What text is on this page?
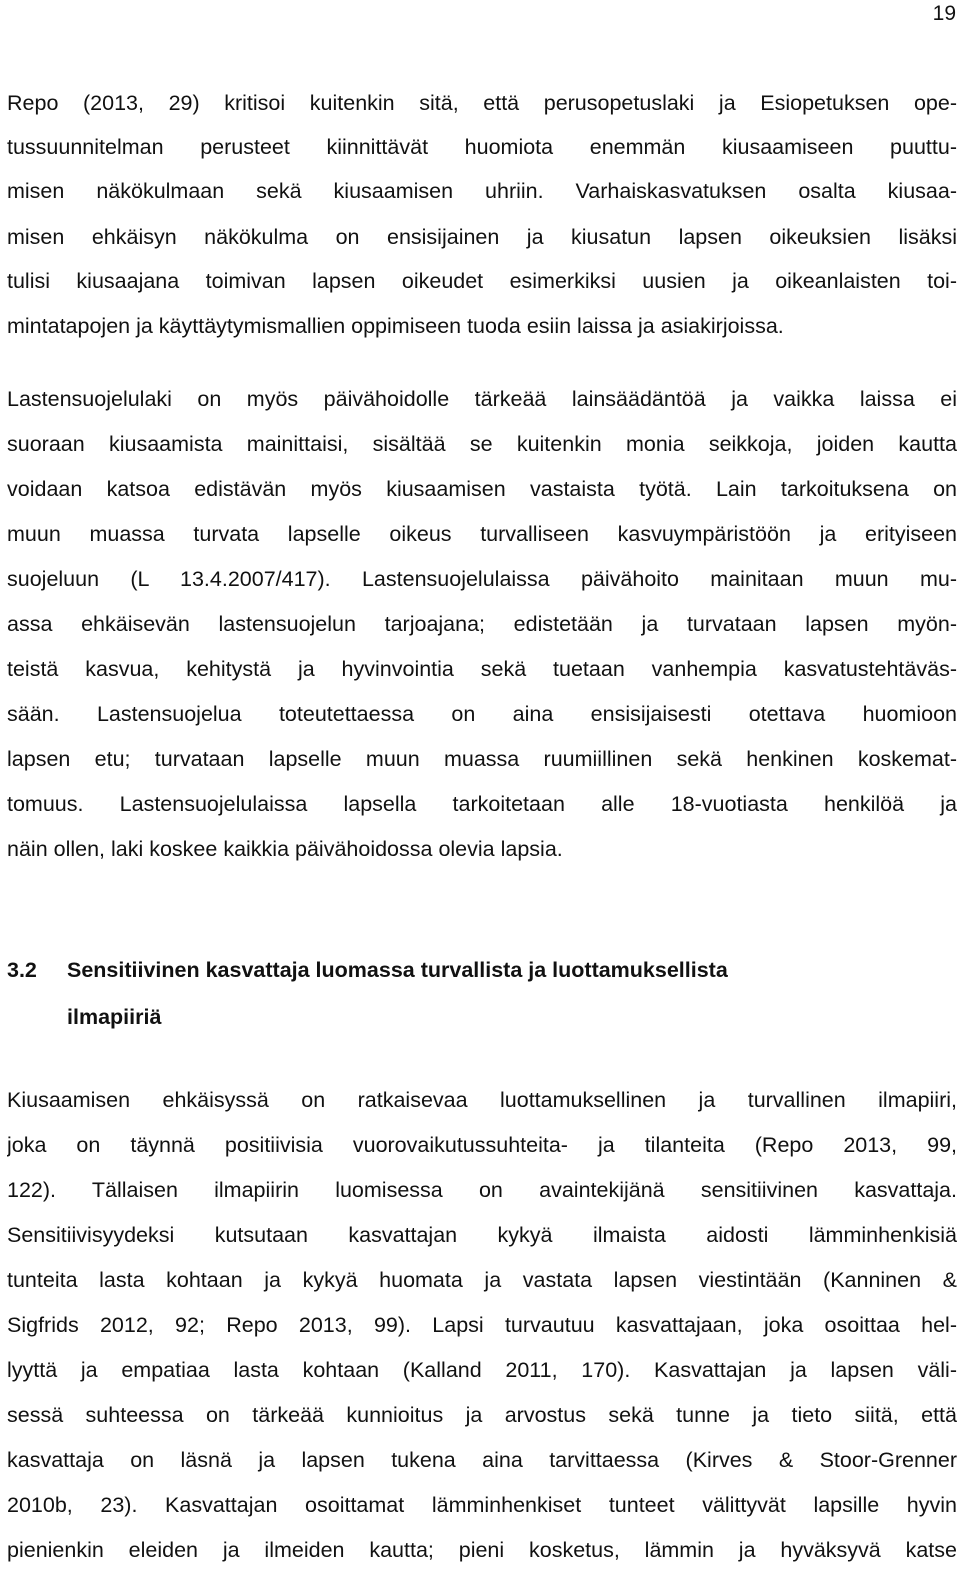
19
Repo (2013, 29) kritisoi kuitenkin sitä, että perusopetuslaki ja Esiopetuksen ope-
tussuunnitelman perusteet kiinnittävät huomiota enemmän kiusaamiseen puuttu-
misen näkökulmaan sekä kiusaamisen uhriin. Varhaiskasvatuksen osalta kiusaa-
misen ehkäisyn näkökulma on ensisijainen ja kiusatun lapsen oikeuksien lisäksi
tulisi kiusaajana toimivan lapsen oikeudet esimerkiksi uusien ja oikeanlaisten toi-
mintatapojen ja käyttäytymismallien oppimiseen tuoda esiin laissa ja asiakirjoissa.
Lastensuojelulaki on myös päivähoidolle tärkeää lainsäädäntöä ja vaikka laissa ei
suoraan kiusaamista mainittaisi, sisältää se kuitenkin monia seikkoja, joiden kautta
voidaan katsoa edistävän myös kiusaamisen vastaista työtä. Lain tarkoituksena on
muun muassa turvata lapselle oikeus turvalliseen kasvuympäristöön ja erityiseen
suojeluun (L 13.4.2007/417). Lastensuojelulaissa päivähoito mainitaan muun mu-
assa ehkäisevän lastensuojelun tarjoajana; edistetään ja turvataan lapsen myön-
teistä kasvua, kehitystä ja hyvinvointia sekä tuetaan vanhempia kasvatustehtäväs-
sään. Lastensuojelua toteutettaessa on aina ensisijaisesti otettava huomioon
lapsen etu; turvataan lapselle muun muassa ruumiillinen sekä henkinen koskemat-
tomuus. Lastensuojelulaissa lapsella tarkoitetaan alle 18-vuotiasta henkilöä ja
näin ollen, laki koskee kaikkia päivähoidossa olevia lapsia.
3.2 Sensitiivinen kasvattaja luomassa turvallista ja luottamuksellista
ilmapiiriä
Kiusaamisen ehkäisyssä on ratkaisevaa luottamuksellinen ja turvallinen ilmapiiri,
joka on täynnä positiivisia vuorovaikutussuhteita- ja tilanteita (Repo 2013, 99,
122). Tällaisen ilmapiirin luomisessa on avaintekijänä sensitiivinen kasvattaja.
Sensitiivisyydeksi kutsutaan kasvattajan kykyä ilmaista aidosti lämminhenkisiä
tunteita lasta kohtaan ja kykyä huomata ja vastata lapsen viestintään (Kanninen &
Sigfrids 2012, 92; Repo 2013, 99). Lapsi turvautuu kasvattajaan, joka osoittaa hel-
lyyttä ja empatiaa lasta kohtaan (Kalland 2011, 170). Kasvattajan ja lapsen väli-
sessä suhteessa on tärkeää kunnioitus ja arvostus sekä tunne ja tieto siitä, että
kasvattaja on läsnä ja lapsen tukena aina tarvittaessa (Kirves & Stoor-Grenner
2010b, 23). Kasvattajan osoittamat lämminhenkiset tunteet välittyvät lapsille hyvin
pienienkin eleiden ja ilmeiden kautta; pieni kosketus, lämmin ja hyväksyvä katse
